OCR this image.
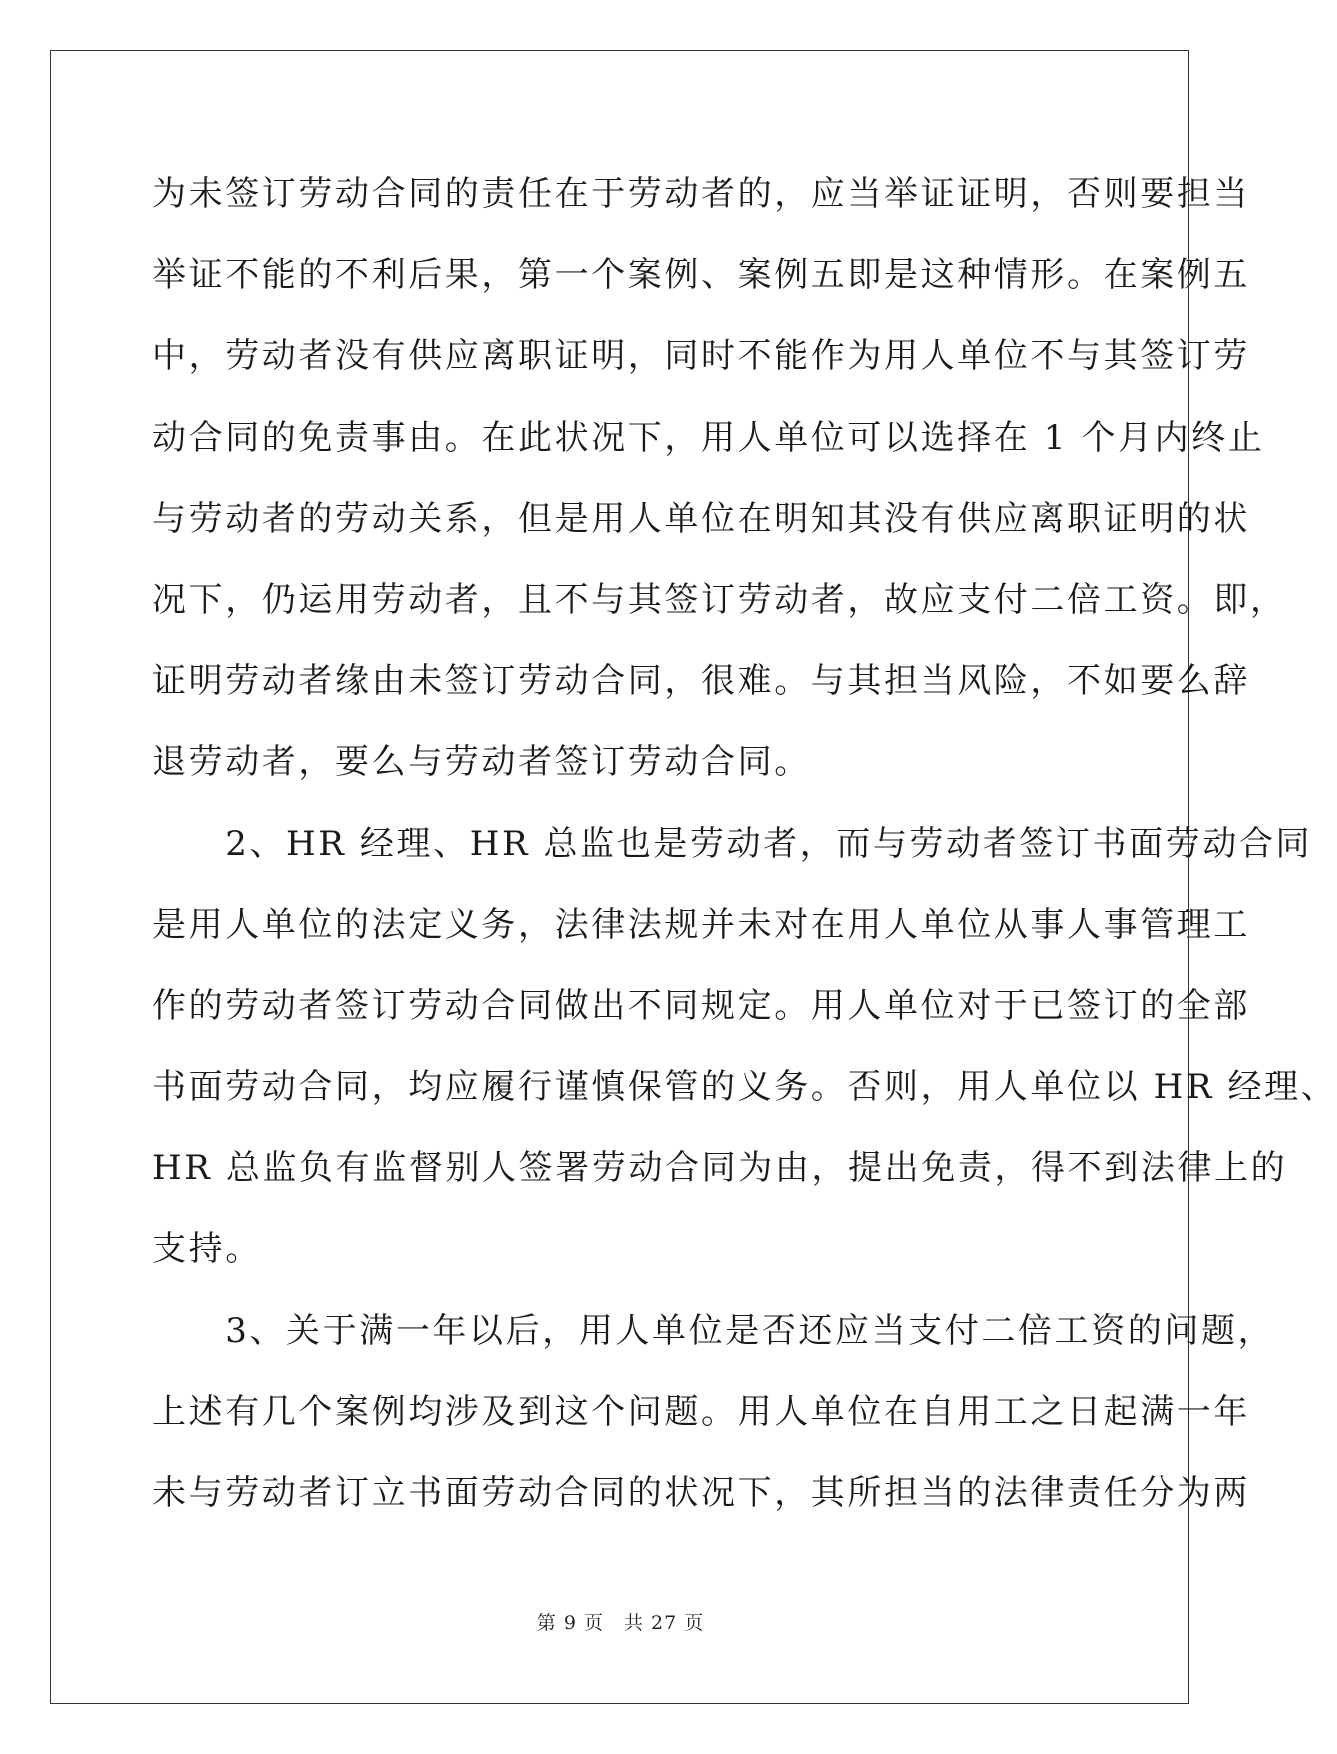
为未签订劳动合同的责任在于劳动者的，应当举证证明，否则要担当
举证不能的不利后果，第一个案例、案例五即是这种情形。在案例五
中，劳动者没有供应离职证明，同时不能作为用人单位不与其签订劳
动合同的免责事由。在此状况下，用人单位可以选择在 1 个月内终止
与劳动者的劳动关系，但是用人单位在明知其没有供应离职证明的状
况下，仍运用劳动者，且不与其签订劳动者，故应支付二倍工资。即，
证明劳动者缘由未签订劳动合同，很难。与其担当风险，不如要么辞
退劳动者，要么与劳动者签订劳动合同。
　　2、HR 经理、HR 总监也是劳动者，而与劳动者签订书面劳动合同
是用人单位的法定义务，法律法规并未对在用人单位从事人事管理工
作的劳动者签订劳动合同做出不同规定。用人单位对于已签订的全部
书面劳动合同，均应履行谨慎保管的义务。否则，用人单位以 HR 经理、
HR 总监负有监督别人签署劳动合同为由，提出免责，得不到法律上的
支持。
　　3、关于满一年以后，用人单位是否还应当支付二倍工资的问题，
上述有几个案例均涉及到这个问题。用人单位在自用工之日起满一年
未与劳动者订立书面劳动合同的状况下，其所担当的法律责任分为两
第 9 页　共 27 页
